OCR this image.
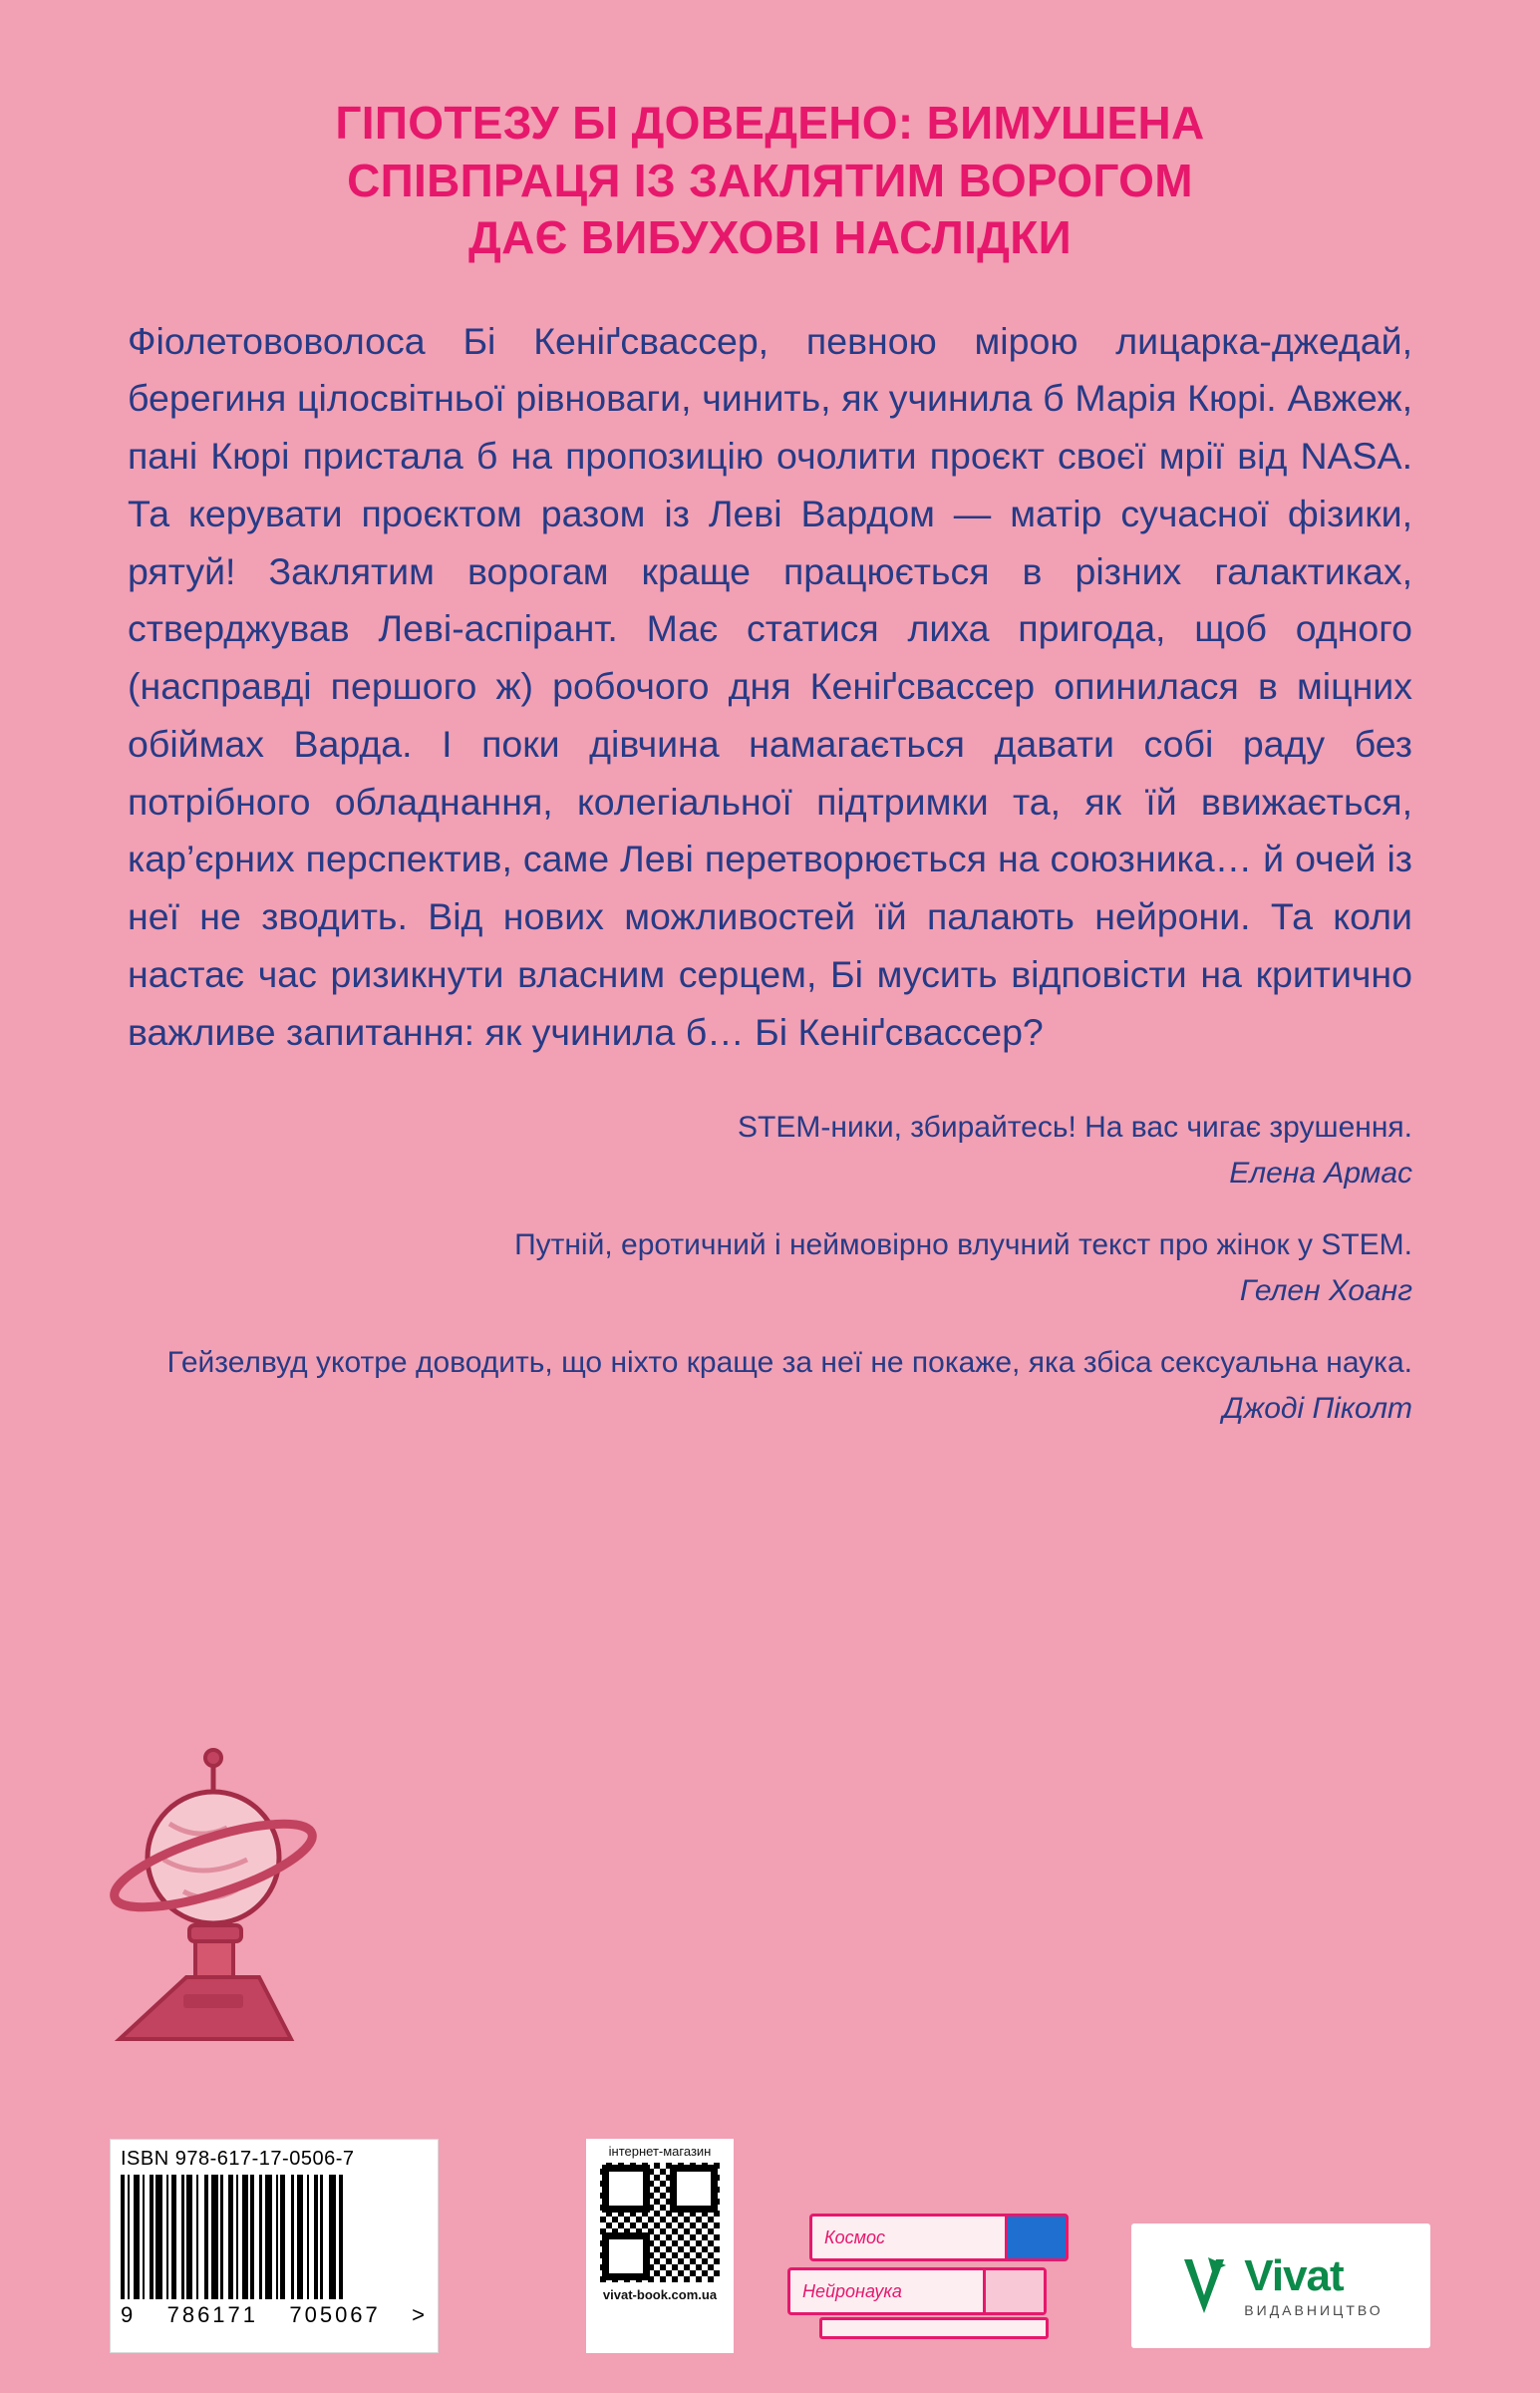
ГІПОТЕЗУ БІ ДОВЕДЕНО: ВИМУШЕНА
СПІВПРАЦЯ ІЗ ЗАКЛЯТИМ ВОРОГОМ
ДАЄ ВИБУХОВІ НАСЛІДКИ

Фіолетововолоса Бі Кеніґсвассер, певною мірою лицарка-джедай, берегиня цілосвітньої рівноваги, чинить, як учинила б Марія Кюрі. Авжеж, пані Кюрі пристала б на пропозицію очолити проєкт своєї мрії від NASA. Та керувати проєктом разом із Леві Вардом — матір сучасної фізики, рятуй! Заклятим ворогам краще працюється в різних галактиках, стверджував Леві-аспірант. Має статися лиха пригода, щоб одного (насправді першого ж) робочого дня Кеніґсвассер опинилася в міцних обіймах Варда. І поки дівчина намагається давати собі раду без потрібного обладнання, колегіальної підтримки та, як їй ввижається, кар’єрних перспектив, саме Леві перетворюється на союзника… й очей із неї не зводить. Від нових можливостей їй палають нейрони. Та коли настає час ризикнути власним серцем, Бі мусить відповісти на критично важливе запитання: як учинила б… Бі Кеніґсвассер?

STEM-ники, збирайтесь! На вас чигає зрушення.
Елена Армас
Путній, еротичний і неймовірно влучний текст про жінок у STEM.
Гелен Хоанг
Гейзелвуд укотре доводить, що ніхто краще за неї не покаже, яка збіса сексуальна наука.
Джоді Піколт
ISBN 978-617-17-0506-7
9 786171 705067 >
інтернет-магазин
vivat-book.com.ua
Космос
Нейронаука	Vivat
ВИДАВНИЦТВО
